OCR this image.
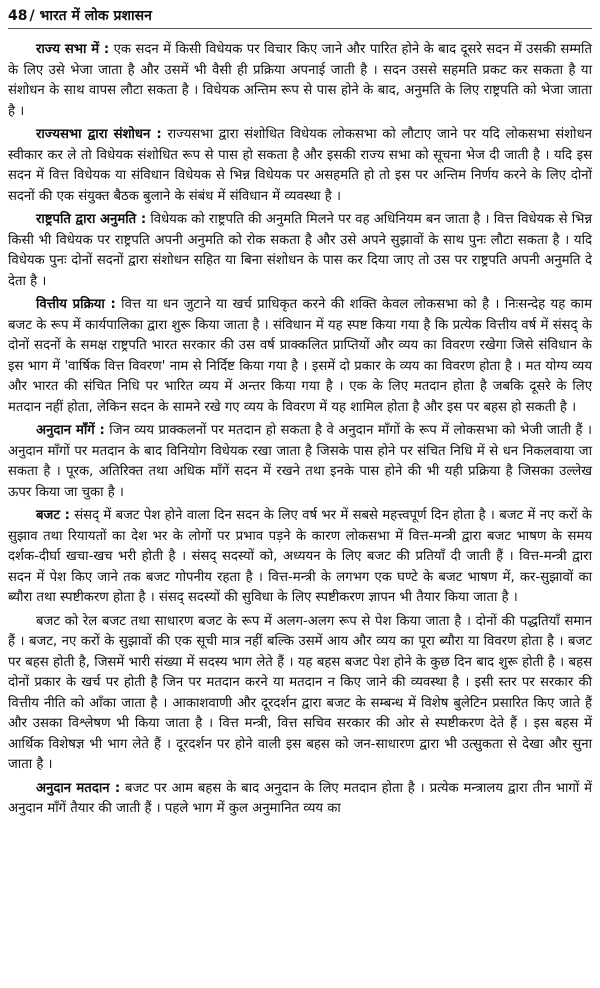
48 / भारत में लोक प्रशासन

राज्य सभा में : एक सदन में किसी विधेयक पर विचार किए जाने और पारित होने के बाद दूसरे सदन में उसकी सम्मति के लिए उसे भेजा जाता है और उसमें भी वैसी ही प्रक्रिया अपनाई जाती है । सदन उससे सहमति प्रकट कर सकता है या संशोधन के साथ वापस लौटा सकता है । विधेयक अन्तिम रूप से पास होने के बाद, अनुमति के लिए राष्ट्रपति को भेजा जाता है ।

राज्यसभा द्वारा संशोधन : राज्यसभा द्वारा संशोधित विधेयक लोकसभा को लौटाए जाने पर यदि लोकसभा संशोधन स्वीकार कर ले तो विधेयक संशोधित रूप से पास हो सकता है और इसकी राज्य सभा को सूचना भेज दी जाती है । यदि इस सदन में वित्त विधेयक या संविधान विधेयक से भिन्न विधेयक पर असहमति हो तो इस पर अन्तिम निर्णय करने के लिए दोनों सदनों की एक संयुक्त बैठक बुलाने के संबंध में संविधान में व्यवस्था है ।

राष्ट्रपति द्वारा अनुमति : विधेयक को राष्ट्रपति की अनुमति मिलने पर वह अधिनियम बन जाता है । वित्त विधेयक से भिन्न किसी भी विधेयक पर राष्ट्रपति अपनी अनुमति को रोक सकता है और उसे अपने सुझावों के साथ पुनः लौटा सकता है । यदि विधेयक पुनः दोनों सदनों द्वारा संशोधन सहित या बिना संशोधन के पास कर दिया जाए तो उस पर राष्ट्रपति अपनी अनुमति दे देता है ।

वित्तीय प्रक्रिया : वित्त या धन जुटाने या खर्च प्राधिकृत करने की शक्ति केवल लोकसभा को है । निःसन्देह यह काम बजट के रूप में कार्यपालिका द्वारा शुरू किया जाता है । संविधान में यह स्पष्ट किया गया है कि प्रत्येक वित्तीय वर्ष में संसद् के दोनों सदनों के समक्ष राष्ट्रपति भारत सरकार की उस वर्ष प्राक्कलित प्राप्तियों और व्यय का विवरण रखेगा जिसे संविधान के इस भाग में 'वार्षिक वित्त विवरण' नाम से निर्दिष्ट किया गया है । इसमें दो प्रकार के व्यय का विवरण होता है । मत योग्य व्यय और भारत की संचित निधि पर भारित व्यय में अन्तर किया गया है । एक के लिए मतदान होता है जबकि दूसरे के लिए मतदान नहीं होता, लेकिन सदन के सामने रखे गए व्यय के विवरण में यह शामिल होता है और इस पर बहस हो सकती है ।

अनुदान माँगें : जिन व्यय प्राक्कलनों पर मतदान हो सकता है वे अनुदान माँगों के रूप में लोकसभा को भेजी जाती हैं । अनुदान माँगों पर मतदान के बाद विनियोग विधेयक रखा जाता है जिसके पास होने पर संचित निधि में से धन निकलवाया जा सकता है । पूरक, अतिरिक्त तथा अधिक माँगें सदन में रखने तथा इनके पास होने की भी यही प्रक्रिया है जिसका उल्लेख ऊपर किया जा चुका है ।

बजट : संसद् में बजट पेश होने वाला दिन सदन के लिए वर्ष भर में सबसे महत्त्वपूर्ण दिन होता है । बजट में नए करों के सुझाव तथा रियायतों का देश भर के लोगों पर प्रभाव पड़ने के कारण लोकसभा में वित्त-मन्त्री द्वारा बजट भाषण के समय दर्शक-दीर्घा खचा-खच भरी होती है । संसद् सदस्यों को, अध्ययन के लिए बजट की प्रतियाँ दी जाती हैं । वित्त-मन्त्री द्वारा सदन में पेश किए जाने तक बजट गोपनीय रहता है । वित्त-मन्त्री के लगभग एक घण्टे के बजट भाषण में, कर-सुझावों का ब्यौरा तथा स्पष्टीकरण होता है । संसद् सदस्यों की सुविधा के लिए स्पष्टीकरण ज्ञापन भी तैयार किया जाता है ।

बजट को रेल बजट तथा साधारण बजट के रूप में अलग-अलग रूप से पेश किया जाता है । दोनों की पद्धतियाँ समान हैं । बजट, नए करों के सुझावों की एक सूची मात्र नहीं बल्कि उसमें आय और व्यय का पूरा ब्यौरा या विवरण होता है । बजट पर बहस होती है, जिसमें भारी संख्या में सदस्य भाग लेते हैं । यह बहस बजट पेश होने के कुछ दिन बाद शुरू होती है । बहस दोनों प्रकार के खर्च पर होती है जिन पर मतदान करने या मतदान न किए जाने की व्यवस्था है । इसी स्तर पर सरकार की वित्तीय नीति को आँका जाता है । आकाशवाणी और दूरदर्शन द्वारा बजट के सम्बन्ध में विशेष बुलेटिन प्रसारित किए जाते हैं और उसका विश्लेषण भी किया जाता है । वित्त मन्त्री, वित्त सचिव सरकार की ओर से स्पष्टीकरण देते हैं । इस बहस में आर्थिक विशेषज्ञ भी भाग लेते हैं । दूरदर्शन पर होने वाली इस बहस को जन-साधारण द्वारा भी उत्सुकता से देखा और सुना जाता है ।

अनुदान मतदान : बजट पर आम बहस के बाद अनुदान के लिए मतदान होता है । प्रत्येक मन्त्रालय द्वारा तीन भागों में अनुदान माँगें तैयार की जाती हैं । पहले भाग में कुल अनुमानित व्यय का
